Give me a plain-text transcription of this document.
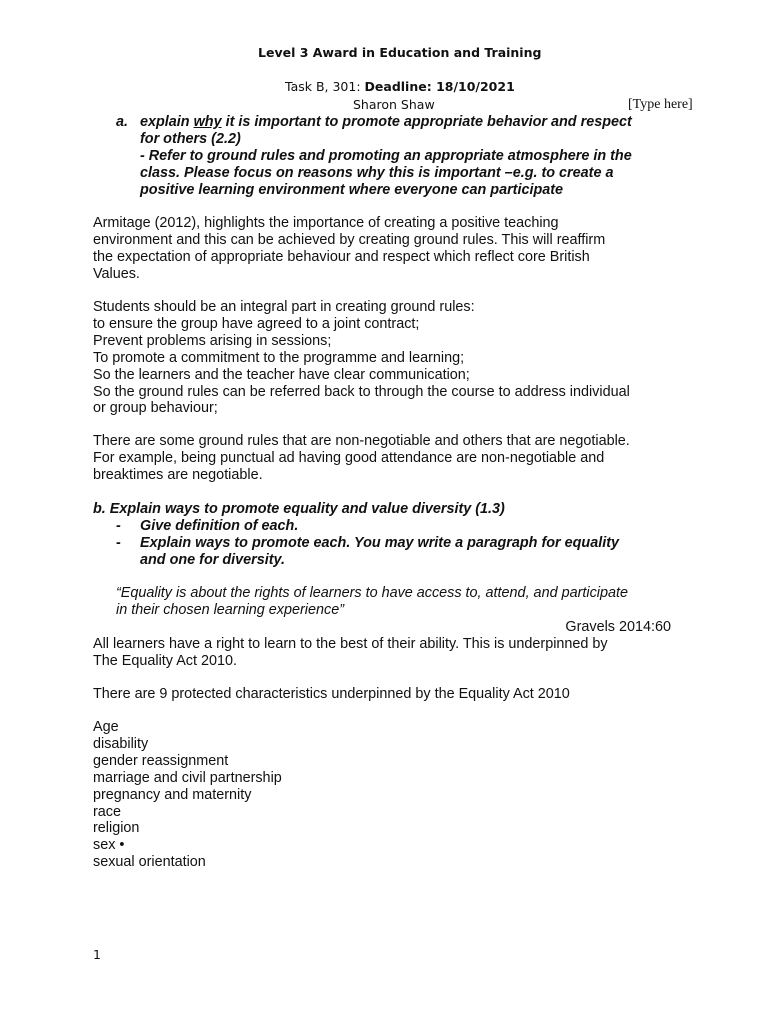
Level 3 Award in Education and Training
Task B, 301: Deadline: 18/10/2021
Sharon Shaw	[Type here]
a. explain why it is important to promote appropriate behavior and respect
for others (2.2)
- Refer to ground rules and promoting an appropriate atmosphere in the
class. Please focus on reasons why this is important –e.g. to create a
positive learning environment where everyone can participate
Armitage (2012), highlights the importance of creating a positive teaching
environment and this can be achieved by creating ground rules. This will reaffirm
the expectation of appropriate behaviour and respect which reflect core British
Values.
Students should be an integral part in creating ground rules:
to ensure the group have agreed to a joint contract;
Prevent problems arising in sessions;
To promote a commitment to the programme and learning;
So the learners and the teacher have clear communication;
So the ground rules can be referred back to through the course to address individual
or group behaviour;
There are some ground rules that are non-negotiable and others that are negotiable.
For example, being punctual ad having good attendance are non-negotiable and
breaktimes are negotiable.
b. Explain ways to promote equality and value diversity (1.3)
- Give definition of each.
- Explain ways to promote each. You may write a paragraph for equality
and one for diversity.
“Equality is about the rights of learners to have access to, attend, and participate
in their chosen learning experience”
Gravels 2014:60
All learners have a right to learn to the best of their ability. This is underpinned by
The Equality Act 2010.
There are 9 protected characteristics underpinned by the Equality Act 2010
Age
disability
gender reassignment
marriage and civil partnership
pregnancy and maternity
race
religion
sex •
sexual orientation
1
